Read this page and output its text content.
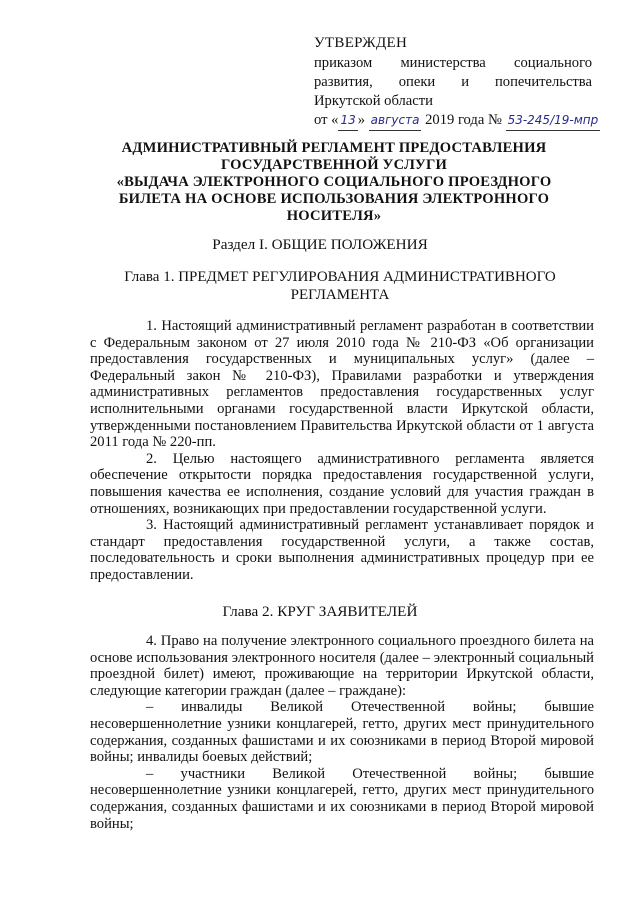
УТВЕРЖДЕН
приказом министерства социального
развития, опеки и попечительства
Иркутской области
от « 13 » августа 2019 года № 53-245/19-мпр
АДМИНИСТРАТИВНЫЙ РЕГЛАМЕНТ ПРЕДОСТАВЛЕНИЯ
ГОСУДАРСТВЕННОЙ УСЛУГИ
«ВЫДАЧА ЭЛЕКТРОННОГО СОЦИАЛЬНОГО ПРОЕЗДНОГО
БИЛЕТА НА ОСНОВЕ ИСПОЛЬЗОВАНИЯ ЭЛЕКТРОННОГО
НОСИТЕЛЯ»
Раздел I. ОБЩИЕ ПОЛОЖЕНИЯ
Глава 1. ПРЕДМЕТ РЕГУЛИРОВАНИЯ АДМИНИСТРАТИВНОГО
РЕГЛАМЕНТА

1. Настоящий административный регламент разработан в соответствии с Федеральным законом от 27 июля 2010 года № 210-ФЗ «Об организации предоставления государственных и муниципальных услуг» (далее – Федеральный закон № 210-ФЗ), Правилами разработки и утверждения административных регламентов предоставления государственных услуг исполнительными органами государственной власти Иркутской области, утвержденными постановлением Правительства Иркутской области от 1 августа 2011 года № 220-пп.

2. Целью настоящего административного регламента является обеспечение открытости порядка предоставления государственной услуги, повышения качества ее исполнения, создание условий для участия граждан в отношениях, возникающих при предоставлении государственной услуги.

3. Настоящий административный регламент устанавливает порядок и стандарт предоставления государственной услуги, а также состав, последовательность и сроки выполнения административных процедур при ее предоставлении.

Глава 2. КРУГ ЗАЯВИТЕЛЕЙ

4. Право на получение электронного социального проездного билета на основе использования электронного носителя (далее – электронный социальный проездной билет) имеют, проживающие на территории Иркутской области, следующие категории граждан (далее – граждане):

– инвалиды Великой Отечественной войны; бывшие несовершеннолетние узники концлагерей, гетто, других мест принудительного содержания, созданных фашистами и их союзниками в период Второй мировой войны; инвалиды боевых действий;

– участники Великой Отечественной войны; бывшие несовершеннолетние узники концлагерей, гетто, других мест принудительного содержания, созданных фашистами и их союзниками в период Второй мировой войны;
